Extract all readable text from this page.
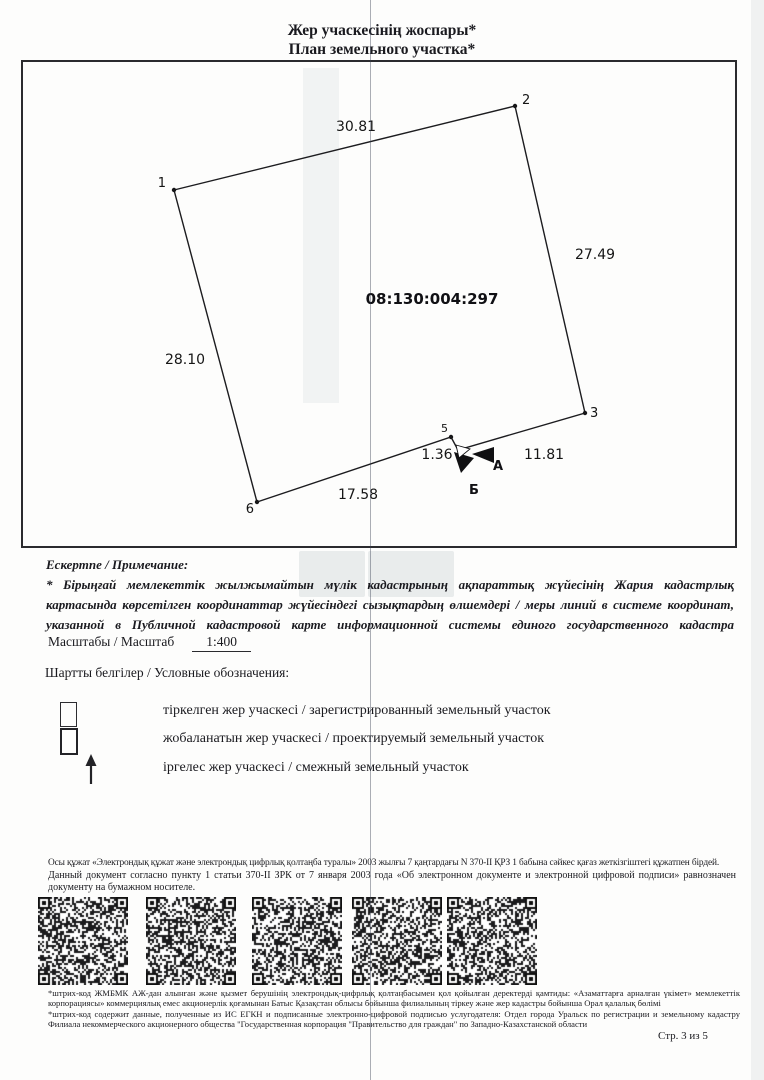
Жер учаскесінің жоспары*
План земельного участка*
1
2
3
5
6
30.81
27.49
28.10
17.58
1.36	11.81
08:130:004:297
А
Б
Ескертпе / Примечание:
* Бірыңғай мемлекеттік жылжымайтын мүлік кадастрының ақпараттық жүйесінің Жария кадастрлық картасында көрсетілген координаттар жүйесіндегі сызықтардың өлшемдері / меры линий в системе координат, указанной в Публичной кадастровой карте информационной системы единого государственного кадастра
Масштабы / Масштаб 1:400
Шартты белгілер / Условные обозначения:
тіркелген жер учаскесі / зарегистрированный земельный участок
жобаланатын жер учаскесі / проектируемый земельный участок
іргелес жер учаскесі / смежный земельный участок
Осы құжат «Электрондық құжат және электрондық цифрлық қолтаңба туралы» 2003 жылғы 7 қаңтардағы N 370-II ҚРЗ 1 бабына сәйкес қағаз жеткізгіштегі құжатпен бірдей.
Данный документ согласно пункту 1 статьи 370-II ЗРК от 7 января 2003 года «Об электронном документе и электронной цифровой подписи» равнозначен документу на бумажном носителе.
*штрих-код ЖМБМК АЖ-дан алынған және қызмет берушінің электрондық-цифрлық қолтаңбасымен қол қойылған деректерді қамтиды: «Азаматтарға арналған үкімет» мемлекеттік корпорациясы» коммерциялық емес акционерлік қоғамынан Батыс Қазақстан облысы бойынша филиалының тіркеу және жер кадастры бойынша Орал қалалық бөлімі
*штрих-код содержит данные, полученные из ИС ЕГКН и подписанные электронно-цифровой подписью услугодателя: Отдел города Уральск по регистрации и земельному кадастру Филиала некоммерческого акционерного общества "Государственная корпорация "Правительство для граждан" по Западно-Казахстанской области
Стр. 3 из 5
